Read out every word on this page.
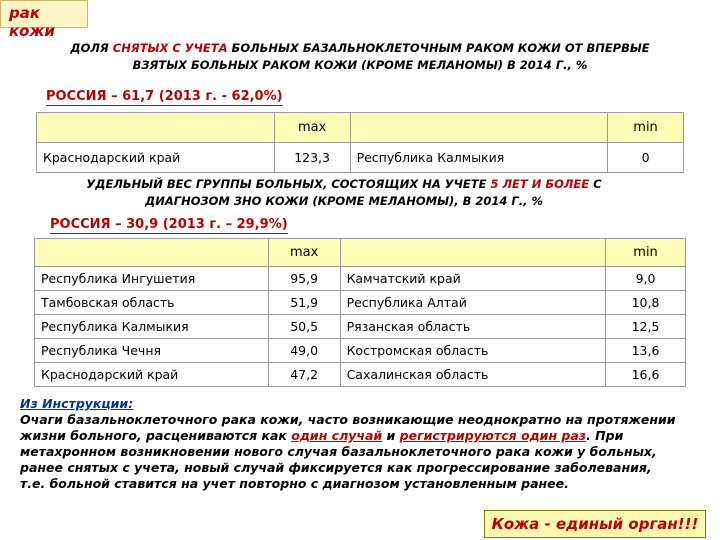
рак кожи
ДОЛЯ СНЯТЫХ С УЧЕТА БОЛЬНЫХ БАЗАЛЬНОКЛЕТОЧНЫМ РАКОМ КОЖИ ОТ ВПЕРВЫЕ
ВЗЯТЫХ БОЛЬНЫХ РАКОМ КОЖИ (КРОМЕ МЕЛАНОМЫ) В 2014 Г., %
РОССИЯ – 61,7 (2013 г. - 62,0%)
	max		min
Краснодарский край	123,3	Республика Калмыкия	0
УДЕЛЬНЫЙ ВЕС ГРУППЫ БОЛЬНЫХ, СОСТОЯЩИХ НА УЧЕТЕ 5 ЛЕТ И БОЛЕЕ С
ДИАГНОЗОМ ЗНО КОЖИ (КРОМЕ МЕЛАНОМЫ), В 2014 Г., %
РОССИЯ – 30,9 (2013 г. – 29,9%)
	max		min
Республика Ингушетия	95,9	Камчатский край	9,0
Тамбовская область	51,9	Республика Алтай	10,8
Республика Калмыкия	50,5	Рязанская область	12,5
Республика Чечня	49,0	Костромская область	13,6
Краснодарский край	47,2	Сахалинская область	16,6
Из Инструкции:
Очаги базальноклеточного рака кожи, часто возникающие неоднократно на протяжении жизни больного, расцениваются как один случай и регистрируются один раз. При метахронном возникновении нового случая базальноклеточного рака кожи у больных, ранее снятых с учета, новый случай фиксируется как прогрессирование заболевания, т.е. больной ставится на учет повторно с диагнозом установленным ранее.
Кожа - единый орган!!!
